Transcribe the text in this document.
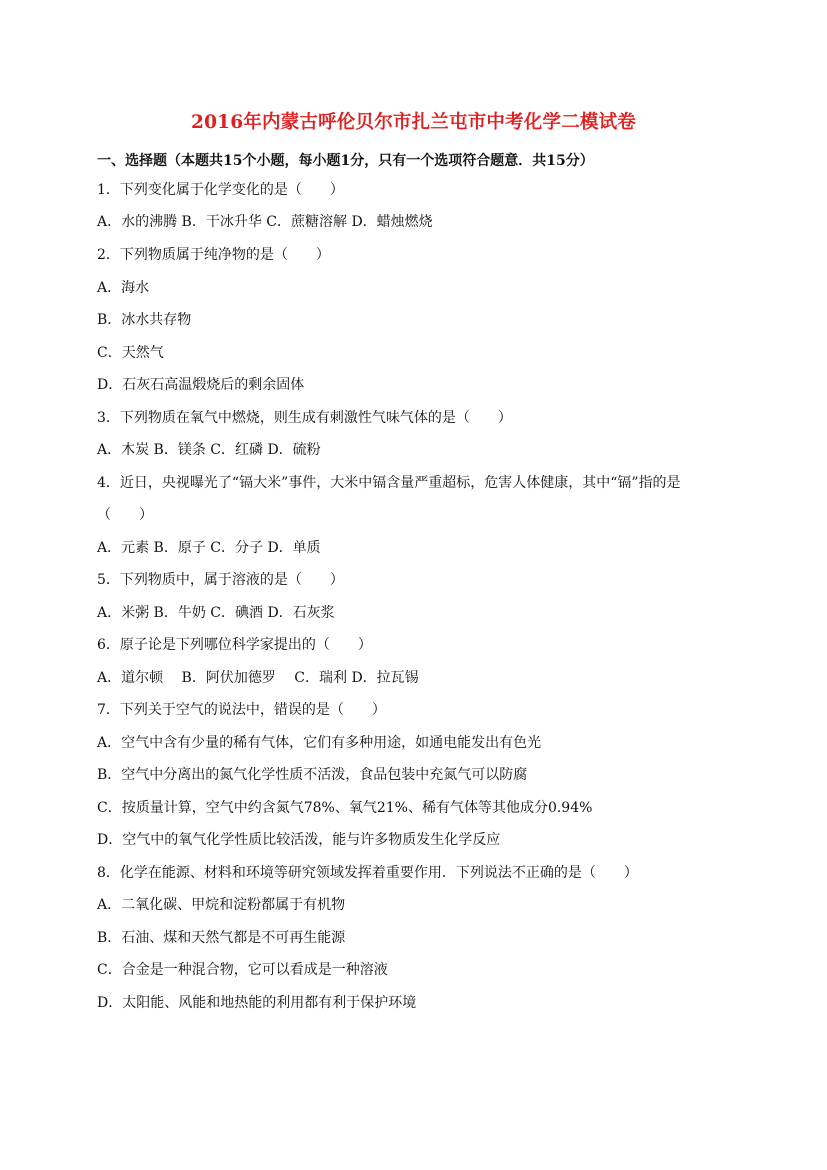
2016年内蒙古呼伦贝尔市扎兰屯市中考化学二模试卷
一、选择题（本题共15个小题，每小题1分，只有一个选项符合题意．共15分）
1．下列变化属于化学变化的是（　　）
A．水的沸腾 B．干冰升华 C．蔗糖溶解 D．蜡烛燃烧
2．下列物质属于纯净物的是（　　）
A．海水
B．冰水共存物
C．天然气
D．石灰石高温煅烧后的剩余固体
3．下列物质在氧气中燃烧，则生成有刺激性气味气体的是（　　）
A．木炭 B．镁条 C．红磷 D．硫粉
4．近日，央视曝光了“镉大米”事件，大米中镉含量严重超标，危害人体健康，其中“镉”指的是
（　　）
A．元素 B．原子 C．分子 D．单质
5．下列物质中，属于溶液的是（　　）
A．米粥 B．牛奶 C．碘酒 D．石灰浆
6．原子论是下列哪位科学家提出的（　　）
A．道尔顿　 B．阿伏加德罗　 C．瑞利 D．拉瓦锡
7．下列关于空气的说法中，错误的是（　　）
A．空气中含有少量的稀有气体，它们有多种用途，如通电能发出有色光
B．空气中分离出的氮气化学性质不活泼，食品包装中充氮气可以防腐
C．按质量计算，空气中约含氮气78%、氧气21%、稀有气体等其他成分0.94%
D．空气中的氧气化学性质比较活泼，能与许多物质发生化学反应
8．化学在能源、材料和环境等研究领域发挥着重要作用．下列说法不正确的是（　　）
A．二氧化碳、甲烷和淀粉都属于有机物
B．石油、煤和天然气都是不可再生能源
C．合金是一种混合物，它可以看成是一种溶液
D．太阳能、风能和地热能的利用都有利于保护环境
